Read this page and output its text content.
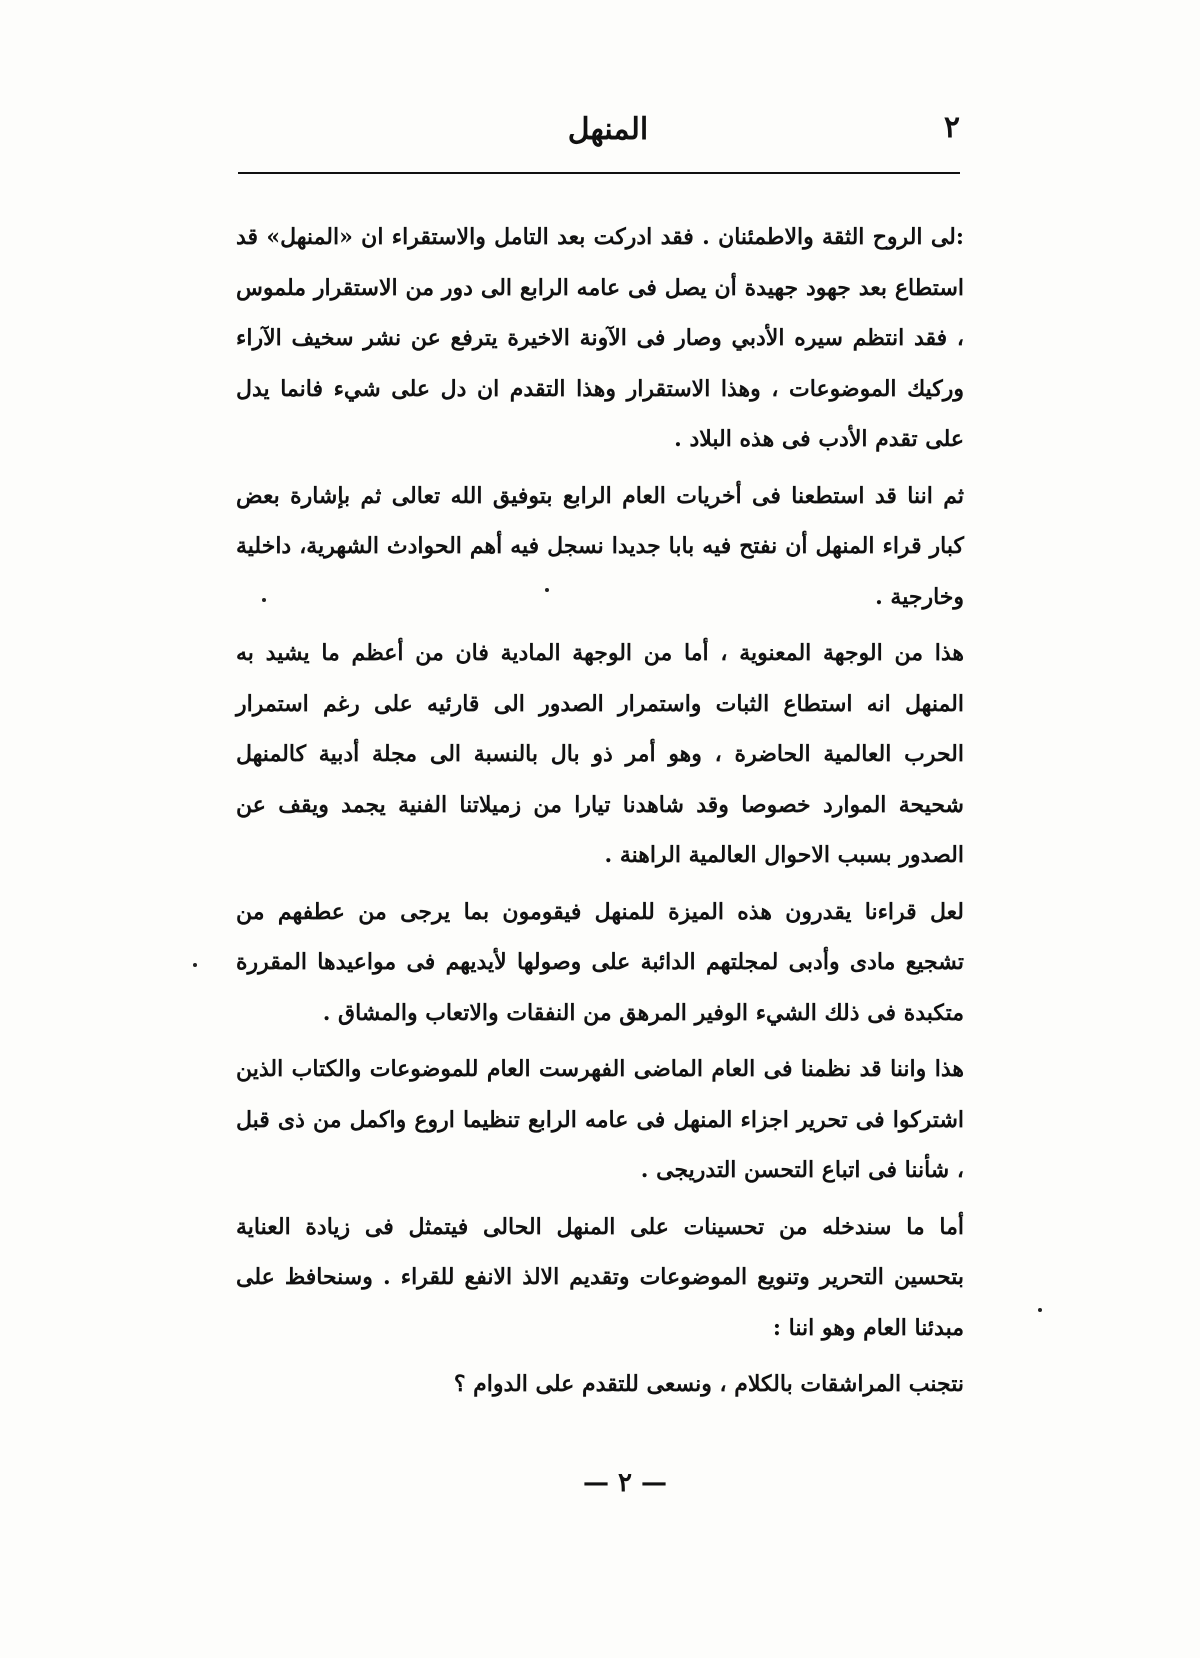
المنهل	٢

:لى الروح الثقة والاطمئنان . فقد ادركت بعد التامل والاستقراء ان «المنهل» قد استطاع بعد جهود جهيدة أن يصل فى عامه الرابع الى دور من الاستقرار ملموس ، فقد انتظم سيره الأدبي وصار فى الآونة الاخيرة يترفع عن نشر سخيف الآراء وركيك الموضوعات ، وهذا الاستقرار وهذا التقدم ان دل على شيء فانما يدل على تقدم الأدب فى هذه البلاد .

ثم اننا قد استطعنا فى أخريات العام الرابع بتوفيق الله تعالى ثم بإشارة بعض كبار قراء المنهل أن نفتح فيه بابا جديدا نسجل فيه أهم الحوادث الشهرية، داخلية وخارجية .

هذا من الوجهة المعنوية ، أما من الوجهة المادية فان من أعظم ما يشيد به المنهل انه استطاع الثبات واستمرار الصدور الى قارئيه على رغم استمرار الحرب العالمية الحاضرة ، وهو أمر ذو بال بالنسبة الى مجلة أدبية كالمنهل شحيحة الموارد خصوصا وقد شاهدنا تيارا من زميلاتنا الفنية يجمد ويقف عن الصدور بسبب الاحوال العالمية الراهنة .

لعل قراءنا يقدرون هذه الميزة للمنهل فيقومون بما يرجى من عطفهم من تشجيع مادى وأدبى لمجلتهم الدائبة على وصولها لأيديهم فى مواعيدها المقررة متكبدة فى ذلك الشيء الوفير المرهق من النفقات والاتعاب والمشاق .

هذا واننا قد نظمنا فى العام الماضى الفهرست العام للموضوعات والكتاب الذين اشتركوا فى تحرير اجزاء المنهل فى عامه الرابع تنظيما اروع واكمل من ذى قبل ، شأننا فى اتباع التحسن التدريجى .

أما ما سندخله من تحسينات على المنهل الحالى فيتمثل فى زيادة العناية بتحسين التحرير وتنويع الموضوعات وتقديم الالذ الانفع للقراء . وسنحافظ على مبدئنا العام وهو اننا :

نتجنب المراشقات بالكلام ، ونسعى للتقدم على الدوام ؟

— ٢ —
